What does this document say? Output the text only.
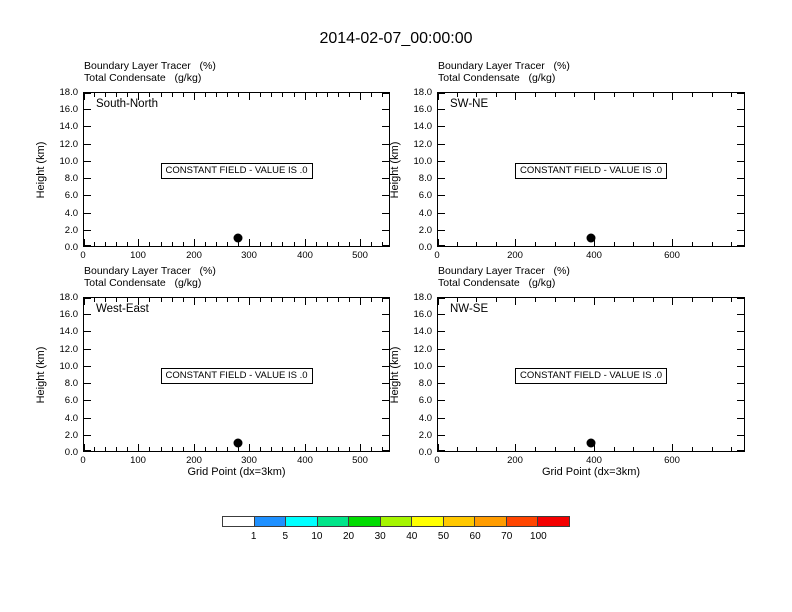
2014-02-07_00:00:00
Boundary Layer Tracer   (%)
Total Condensate   (g/kg)
0	100	200	300	400	500
0.0
2.0
4.0
6.0
8.0
10.0
12.0
14.0
16.0
18.0
South-North
CONSTANT FIELD - VALUE IS .0
Height (km)
Boundary Layer Tracer   (%)
Total Condensate   (g/kg)
0	200	400	600
0.0
2.0
4.0
6.0
8.0
10.0
12.0
14.0
16.0
18.0
SW-NE
CONSTANT FIELD - VALUE IS .0
Height (km)
Boundary Layer Tracer   (%)
Total Condensate   (g/kg)
0	100	200	300	400	500
0.0
2.0
4.0
6.0
8.0
10.0
12.0
14.0
16.0
18.0
West-East
CONSTANT FIELD - VALUE IS .0
Height (km)
Grid Point (dx=3km)
Boundary Layer Tracer   (%)
Total Condensate   (g/kg)
0	200	400	600
0.0
2.0
4.0
6.0
8.0
10.0
12.0
14.0
16.0
18.0
NW-SE
CONSTANT FIELD - VALUE IS .0
Height (km)
Grid Point (dx=3km)
1	5 10 20 30 40 50 60 70 100
